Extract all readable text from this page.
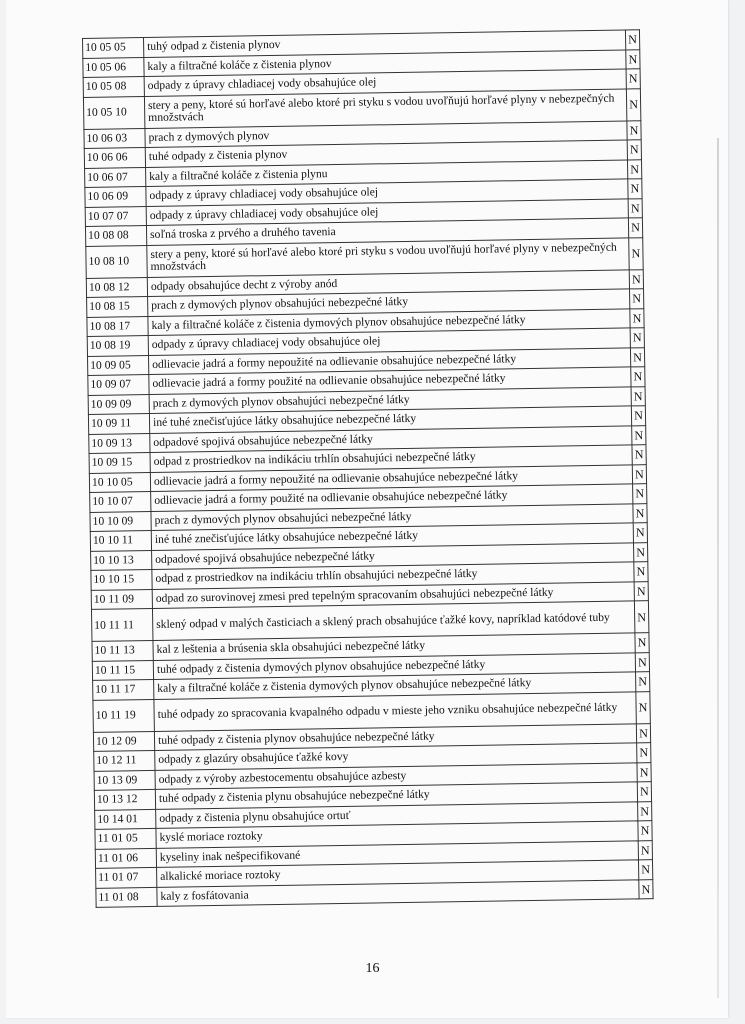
10 05 05	tuhý odpad z čistenia plynov	N
10 05 06	kaly a filtračné koláče z čistenia plynov	N
10 05 08	odpady z úpravy chladiacej vody obsahujúce olej	N
10 05 10	stery a peny, ktoré sú horľavé alebo ktoré pri styku s vodou uvoľňujú horľavé plyny v nebezpečných množstvách	N
10 06 03	prach z dymových plynov	N
10 06 06	tuhé odpady z čistenia plynov	N
10 06 07	kaly a filtračné koláče z čistenia plynu	N
10 06 09	odpady z úpravy chladiacej vody obsahujúce olej	N
10 07 07	odpady z úpravy chladiacej vody obsahujúce olej	N
10 08 08	soľná troska z prvého a druhého tavenia	N
10 08 10	stery a peny, ktoré sú horľavé alebo ktoré pri styku s vodou uvoľňujú horľavé plyny v nebezpečných množstvách	N
10 08 12	odpady obsahujúce decht z výroby anód	N
10 08 15	prach z dymových plynov obsahujúci nebezpečné látky	N
10 08 17	kaly a filtračné koláče z čistenia dymových plynov obsahujúce nebezpečné látky	N
10 08 19	odpady z úpravy chladiacej vody obsahujúce olej	N
10 09 05	odlievacie jadrá a formy nepoužité na odlievanie obsahujúce nebezpečné látky	N
10 09 07	odlievacie jadrá a formy použité na odlievanie obsahujúce nebezpečné látky	N
10 09 09	prach z dymových plynov obsahujúci nebezpečné látky	N
10 09 11	iné tuhé znečisťujúce látky obsahujúce nebezpečné látky	N
10 09 13	odpadové spojivá obsahujúce nebezpečné látky	N
10 09 15	odpad z prostriedkov na indikáciu trhlín obsahujúci nebezpečné látky	N
10 10 05	odlievacie jadrá a formy nepoužité na odlievanie obsahujúce nebezpečné látky	N
10 10 07	odlievacie jadrá a formy použité na odlievanie obsahujúce nebezpečné látky	N
10 10 09	prach z dymových plynov obsahujúci nebezpečné látky	N
10 10 11	iné tuhé znečisťujúce látky obsahujúce nebezpečné látky	N
10 10 13	odpadové spojivá obsahujúce nebezpečné látky	N
10 10 15	odpad z prostriedkov na indikáciu trhlín obsahujúci nebezpečné látky	N
10 11 09	odpad zo surovinovej zmesi pred tepelným spracovaním obsahujúci nebezpečné látky	N
10 11 11	sklený odpad v malých časticiach a sklený prach obsahujúce ťažké kovy, napríklad katódové tuby	N
10 11 13	kal z leštenia a brúsenia skla obsahujúci nebezpečné látky	N
10 11 15	tuhé odpady z čistenia dymových plynov obsahujúce nebezpečné látky	N
10 11 17	kaly a filtračné koláče z čistenia dymových plynov obsahujúce nebezpečné látky	N
10 11 19	tuhé odpady zo spracovania kvapalného odpadu v mieste jeho vzniku obsahujúce nebezpečné látky	N
10 12 09	tuhé odpady z čistenia plynov obsahujúce nebezpečné látky	N
10 12 11	odpady z glazúry obsahujúce ťažké kovy	N
10 13 09	odpady z výroby azbestocementu obsahujúce azbesty	N
10 13 12	tuhé odpady z čistenia plynu obsahujúce nebezpečné látky	N
10 14 01	odpady z čistenia plynu obsahujúce ortuť	N
11 01 05	kyslé moriace roztoky	N
11 01 06	kyseliny inak nešpecifikované	N
11 01 07	alkalické moriace roztoky	N
11 01 08	kaly z fosfátovania	N
16
